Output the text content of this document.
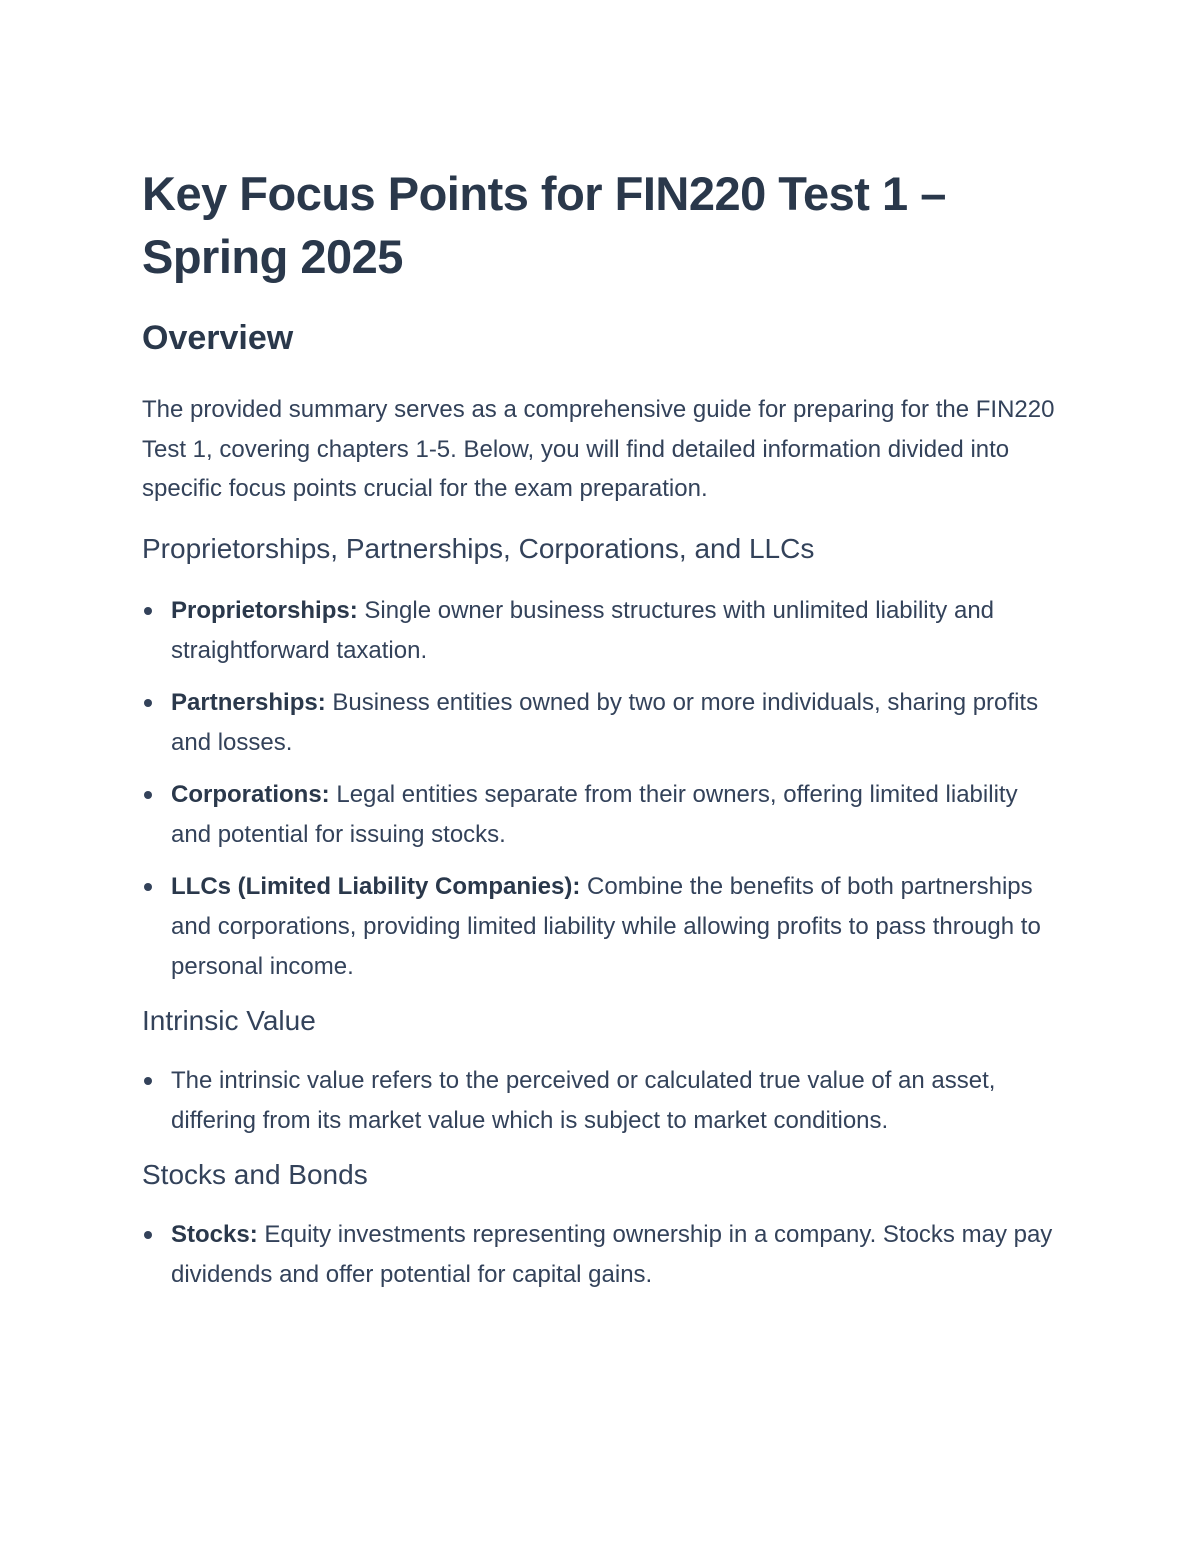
Key Focus Points for FIN220 Test 1 – Spring 2025
Overview

The provided summary serves as a comprehensive guide for preparing for the FIN220 Test 1, covering chapters 1-5. Below, you will find detailed information divided into specific focus points crucial for the exam preparation.

Proprietorships, Partnerships, Corporations, and LLCs
Proprietorships: Single owner business structures with unlimited liability and straightforward taxation.
Partnerships: Business entities owned by two or more individuals, sharing profits and losses.
Corporations: Legal entities separate from their owners, offering limited liability and potential for issuing stocks.
LLCs (Limited Liability Companies): Combine the benefits of both partnerships and corporations, providing limited liability while allowing profits to pass through to personal income.
Intrinsic Value
The intrinsic value refers to the perceived or calculated true value of an asset, differing from its market value which is subject to market conditions.
Stocks and Bonds
Stocks: Equity investments representing ownership in a company. Stocks may pay dividends and offer potential for capital gains.
